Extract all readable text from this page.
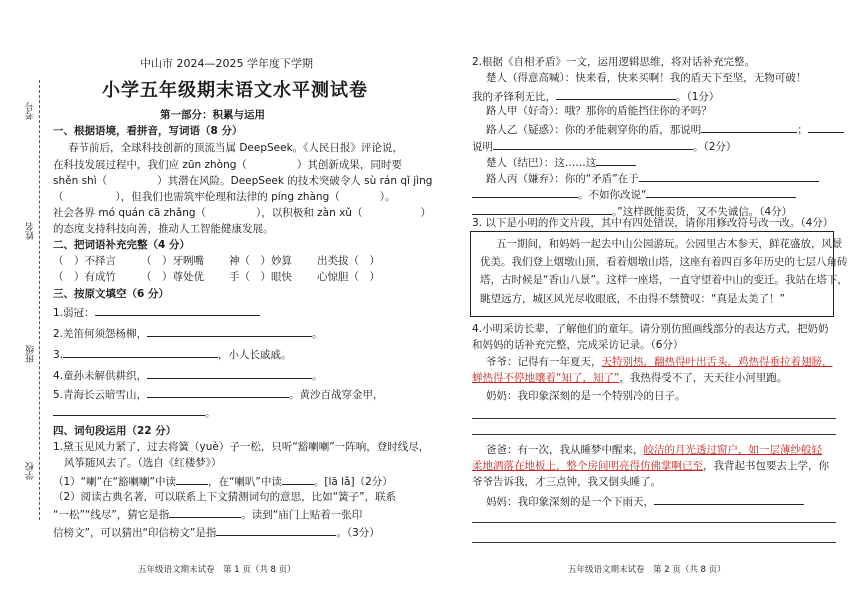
考号
姓名
班级
学校
中山市 2024—2025 学年度下学期
小学五年级期末语文水平测试卷
第一部分：积累与运用
一、根据语境，看拼音，写词语（8 分）
春节前后，全球科技创新的顶流当属 DeepSeek。《人民日报》评论说，
在科技发展过程中，我们应 zūn zhòng（	）其创新成果，同时要
shěn shì（	）其潜在风险。DeepSeek 的技术突破令人 sù rán qǐ jìng
（	），但我们也需筑牢伦理和法律的 píng zhàng（	）。
社会各界 mó quán cā zhǎng（	），以积极和 zàn xǔ（	）
的态度支持科技向善，推动人工智能健康发展。
二、把词语补充完整（4 分）
（　）不择言 （　）牙咧嘴 神（　）妙算 出类拔（　）
（　）有成竹 （　）尊处优 手（　）眼快 心惊胆（　）
三、按原文填空（6 分）
1.弱冠：
2.羌笛何须怨杨柳，	。
3.	，小人长戚戚。
4.童孙未解供耕织，	。
5.青海长云暗雪山，	。黄沙百战穿金甲，
。
四、词句段运用（22 分）
1.黛玉见风力紧了，过去将簧（yuè）子一松，只听“豁喇喇”一阵响，登时线尽，
风筝随风去了。（选自《红楼梦》）
（1）“喇”在“豁喇喇”中读	，在“喇叭”中读	。[lā lǎ]（2分）
（2）阅读古典名著，可以联系上下文猜测词句的意思，比如“簧子”，联系
“一松”“线尽”，猜它是指	。读到“庙门上贴着一张印
信榜文”，可以猜出“印信榜文”是指	。（3分）
五年级语文期末试卷　第 1 页（共 8 页）
2.根据《自相矛盾》一文，运用逻辑思维，将对话补充完整。
楚人（得意高喊）：快来看，快来买啊！我的盾天下至坚，无物可破！
我的矛锋利无比，	。（1分）
路人甲（好奇）：哦？那你的盾能挡住你的矛吗？
路人乙（疑惑）：你的矛能刺穿你的盾，那说明	；
说明	。（2分）
楚人（结巴）：这……这
路人丙（嫌弃）：你的“矛盾”在于
。不如你改说“
。”这样既能卖货，又不失诚信。（4分）
3. 以下是小明的作文片段，其中有四处错误，请你用修改符号改一改。（4分）
五一期间，和妈妈一起去中山公园游玩。公园里古木参天，鲜花盛放，风景
优美。我们登上烟墩山顶，看着烟墩山塔，这座有着四百多年历史的七层八角砖
塔，古时候是“香山八景”。这样一座塔，一直守望着中山的变迁。我站在塔下，
眺望远方，城区风光尽收眼底，不由得不禁赞叹：“真是太美了！”
4.小明采访长辈，了解他们的童年。请分别仿照画线部分的表达方式，把奶奶
和妈妈的话补充完整，完成采访记录。（6分）
爷爷：记得有一年夏天，天特别热，翻热得叶出舌头，鸡热得垂拉着翅膀，
蝉热得不停地嚷着“知了，知了”，我热得受不了，天天往小河里跑。
奶奶：我印象深刻的是一个特别冷的日子。
爸爸：有一次，我从睡梦中醒来，皎洁的月光透过窗户，如一层薄纱般轻
柔地洒落在地板上，整个房间明亮得仿佛掌啊已至，我背起书包要去上学，你
爷爷告诉我，才三点钟，我又倒头睡了。
妈妈：我印象深刻的是一个下雨天，
五年级语文期末试卷　第 2 页（共 8 页）
